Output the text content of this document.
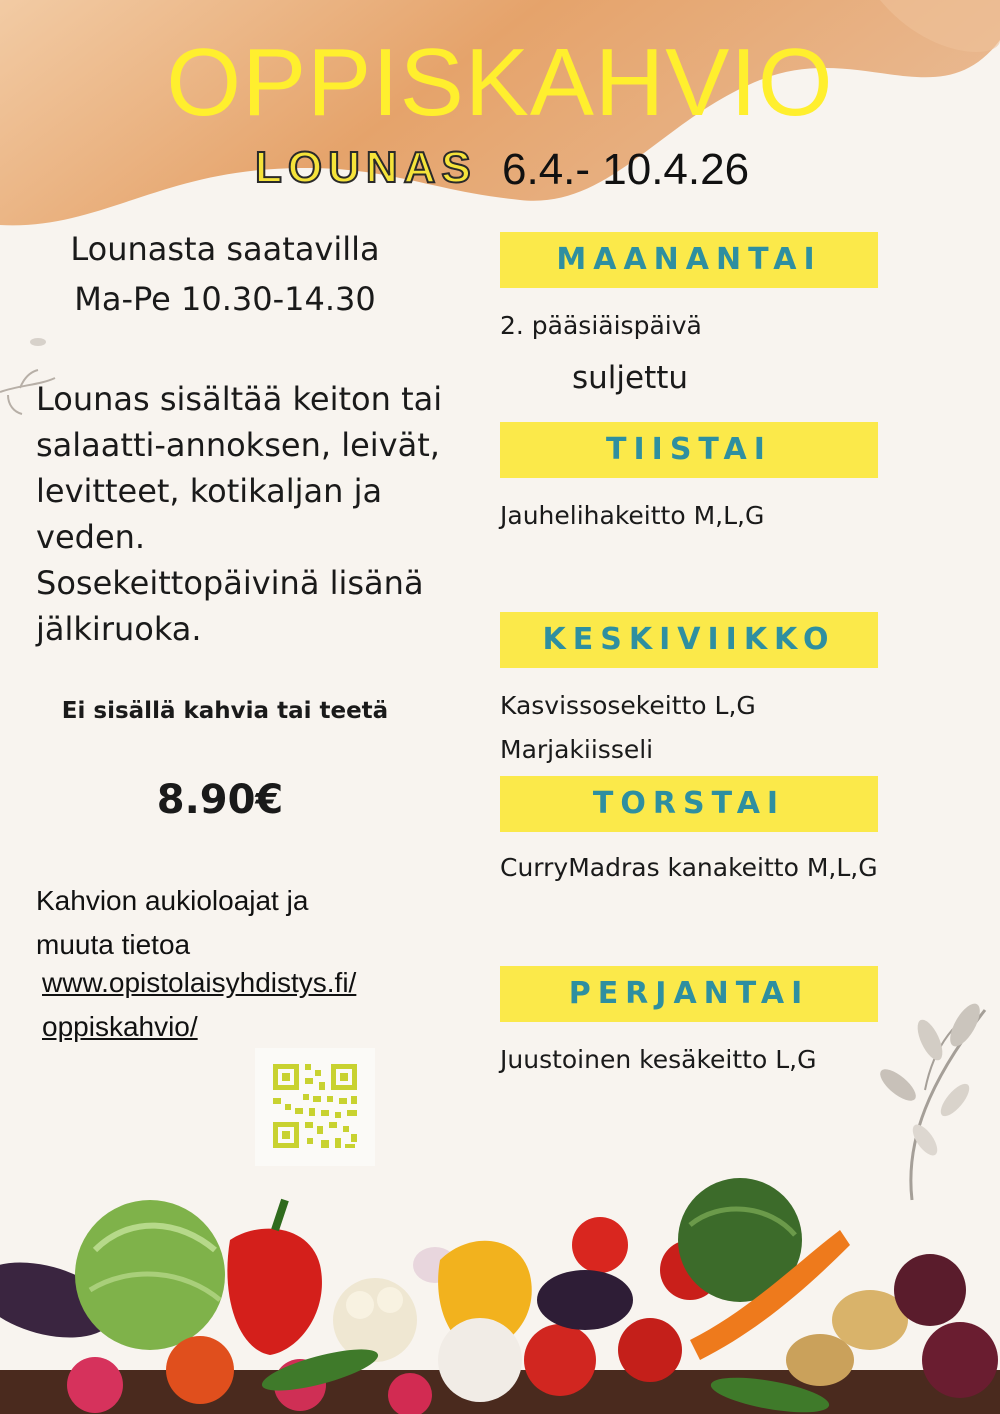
OPPISKAHVIO
LOUNAS 6.4.- 10.4.26
Lounasta saatavilla
Ma-Pe 10.30-14.30
Lounas sisältää keiton tai
salaatti-annoksen, leivät,
levitteet, kotikaljan ja
veden.
Sosekeittopäivinä lisänä
jälkiruoka.
Ei sisällä kahvia tai teetä
8.90€
Kahvion aukioloajat ja
muuta tietoa
www.opistolaisyhdistys.fi/
oppiskahvio/
MAANANTAI
2. pääsiäispäivä
suljettu
TIISTAI
Jauhelihakeitto M,L,G
KESKIVIIKKO
Kasvissosekeitto L,G
Marjakiisseli
TORSTAI
CurryMadras kanakeitto M,L,G
PERJANTAI
Juustoinen kesäkeitto L,G
